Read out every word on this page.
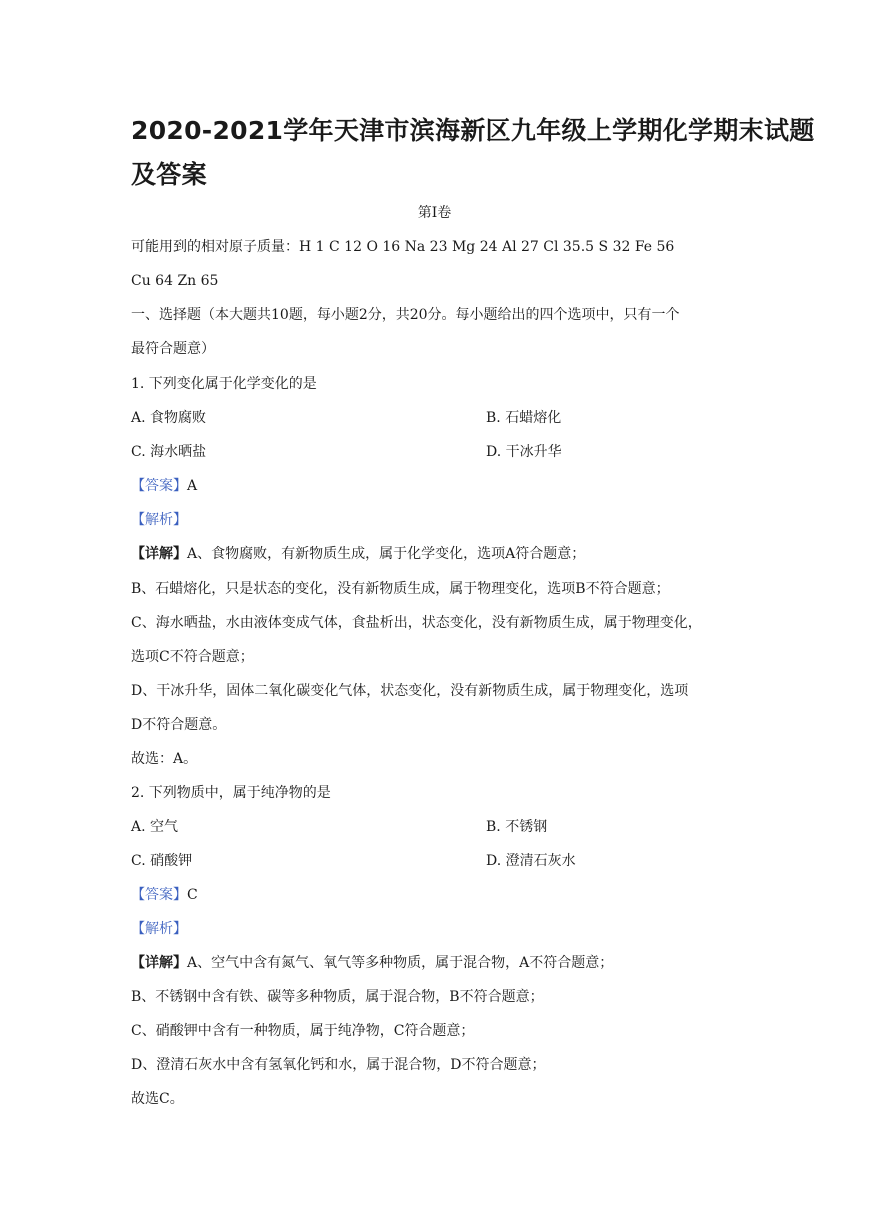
2020-2021学年天津市滨海新区九年级上学期化学期末试题
及答案
第I卷
可能用到的相对原子质量：H 1 C 12 O 16 Na 23 Mg 24 Al 27 Cl 35.5 S 32 Fe 56
Cu 64 Zn 65
一、选择题（本大题共10题，每小题2分，共20分。每小题给出的四个选项中，只有一个
最符合题意）
1. 下列变化属于化学变化的是
A. 食物腐败	B. 石蜡熔化
C. 海水晒盐	D. 干冰升华
【答案】A
【解析】
【详解】A、食物腐败，有新物质生成，属于化学变化，选项A符合题意；
B、石蜡熔化，只是状态的变化，没有新物质生成，属于物理变化，选项B不符合题意；
C、海水晒盐，水由液体变成气体，食盐析出，状态变化，没有新物质生成，属于物理变化，
选项C不符合题意；
D、干冰升华，固体二氧化碳变化气体，状态变化，没有新物质生成，属于物理变化，选项
D不符合题意。
故选：A。
2. 下列物质中，属于纯净物的是
A. 空气	B. 不锈钢
C. 硝酸钾	D. 澄清石灰水
【答案】C
【解析】
【详解】A、空气中含有氮气、氧气等多种物质，属于混合物，A不符合题意；
B、不锈钢中含有铁、碳等多种物质，属于混合物，B不符合题意；
C、硝酸钾中含有一种物质，属于纯净物，C符合题意；
D、澄清石灰水中含有氢氧化钙和水，属于混合物，D不符合题意；
故选C。
